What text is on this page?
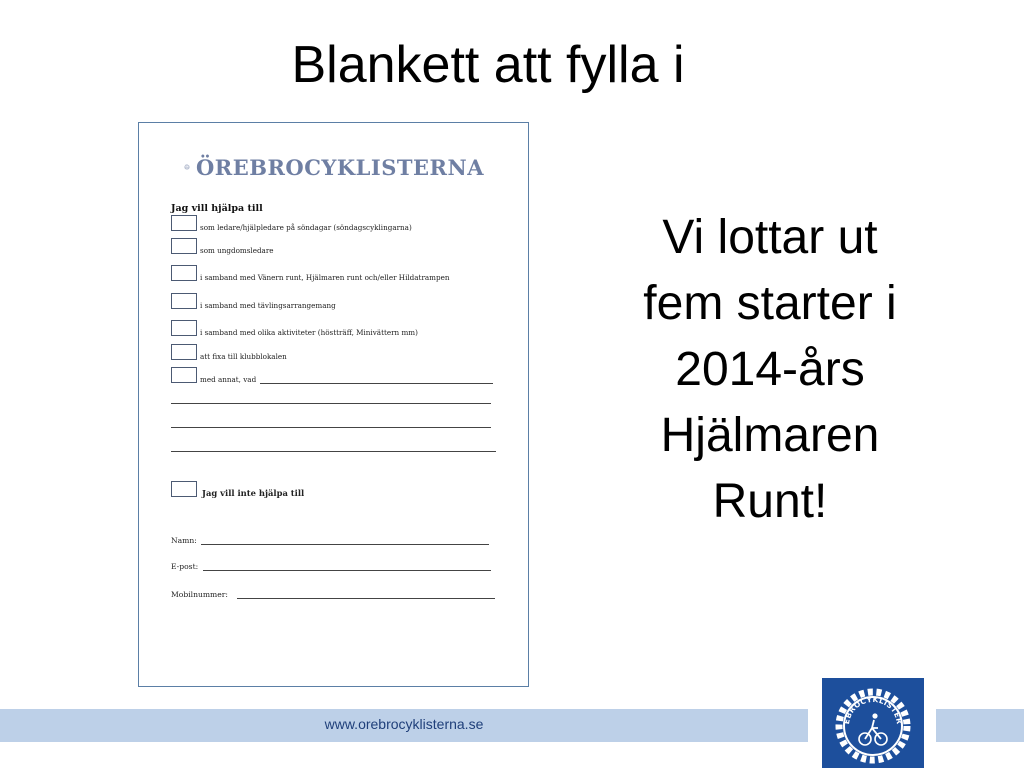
Blankett att fylla i
ÖREBROCYKLISTERNA
Jag vill hjälpa till
som ledare/hjälpledare på söndagar (söndagscyklingarna)
som ungdomsledare
i samband med Vänern runt, Hjälmaren runt och/eller Hildatrampen
i samband med tävlingsarrangemang
i samband med olika aktiviteter (höstträff, Minivättern mm)
att fixa till klubblokalen
med annat, vad
Jag vill inte hjälpa till
Namn:
E-post:
Mobilnummer:
Vi lottar ut
fem starter i
2014-års
Hjälmaren
Runt!
www.orebrocyklisterna.se	EBROCYKLISTER
